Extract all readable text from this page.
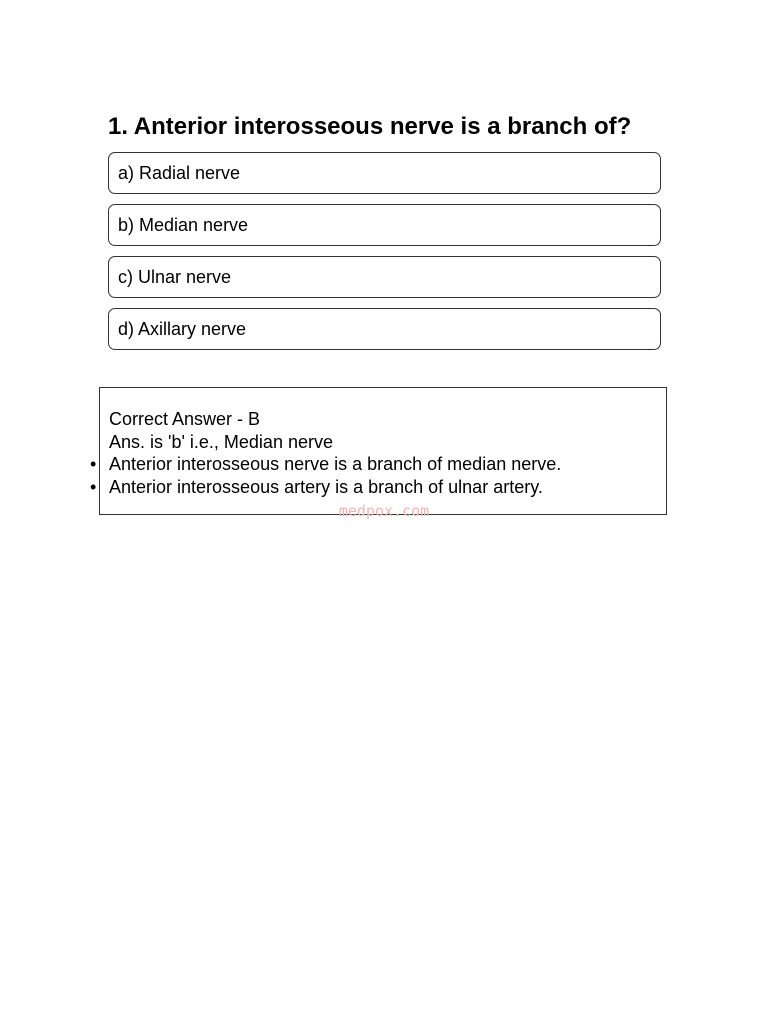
1. Anterior interosseous nerve is a branch of?
a) Radial nerve
b) Median nerve
c) Ulnar nerve
d) Axillary nerve

Correct Answer - B

Ans. is 'b' i.e., Median nerve

• Anterior interosseous nerve is a branch of median nerve.
• Anterior interosseous artery is a branch of ulnar artery.
medpox.com
